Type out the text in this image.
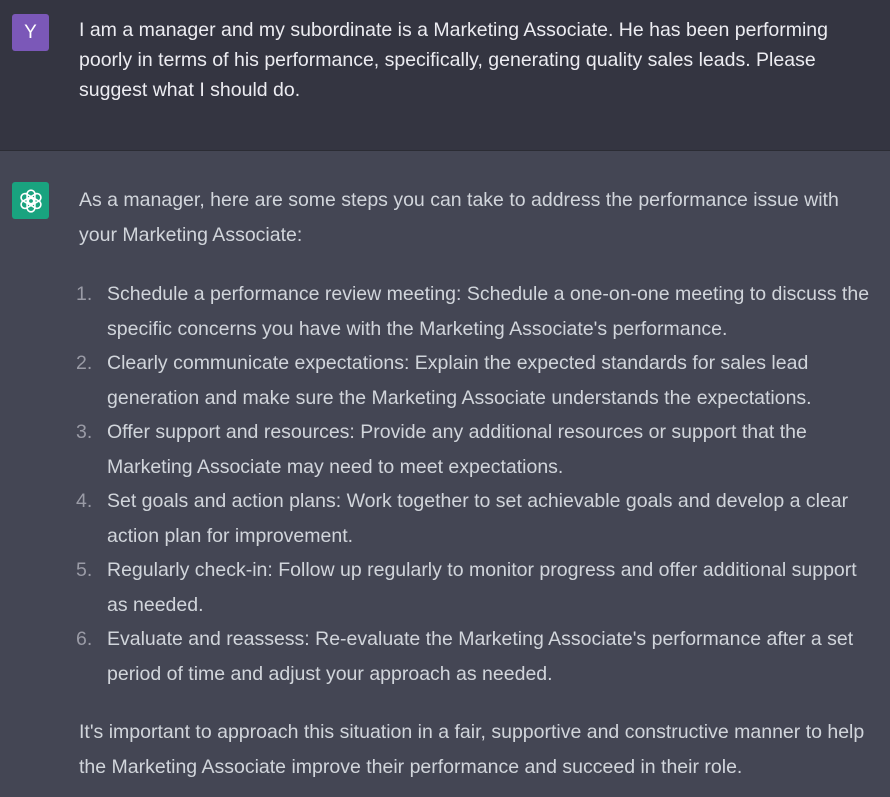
Y	I am a manager and my subordinate is a Marketing Associate. He has been performing poorly in terms of his performance, specifically, generating quality sales leads. Please suggest what I should do.

As a manager, here are some steps you can take to address the performance issue with your Marketing Associate:

1. Schedule a performance review meeting: Schedule a one-on-one meeting to discuss the specific concerns you have with the Marketing Associate's performance.
2. Clearly communicate expectations: Explain the expected standards for sales lead generation and make sure the Marketing Associate understands the expectations.
3. Offer support and resources: Provide any additional resources or support that the Marketing Associate may need to meet expectations.
4. Set goals and action plans: Work together to set achievable goals and develop a clear action plan for improvement.
5. Regularly check-in: Follow up regularly to monitor progress and offer additional support as needed.
6. Evaluate and reassess: Re-evaluate the Marketing Associate's performance after a set period of time and adjust your approach as needed.

It's important to approach this situation in a fair, supportive and constructive manner to help the Marketing Associate improve their performance and succeed in their role.
